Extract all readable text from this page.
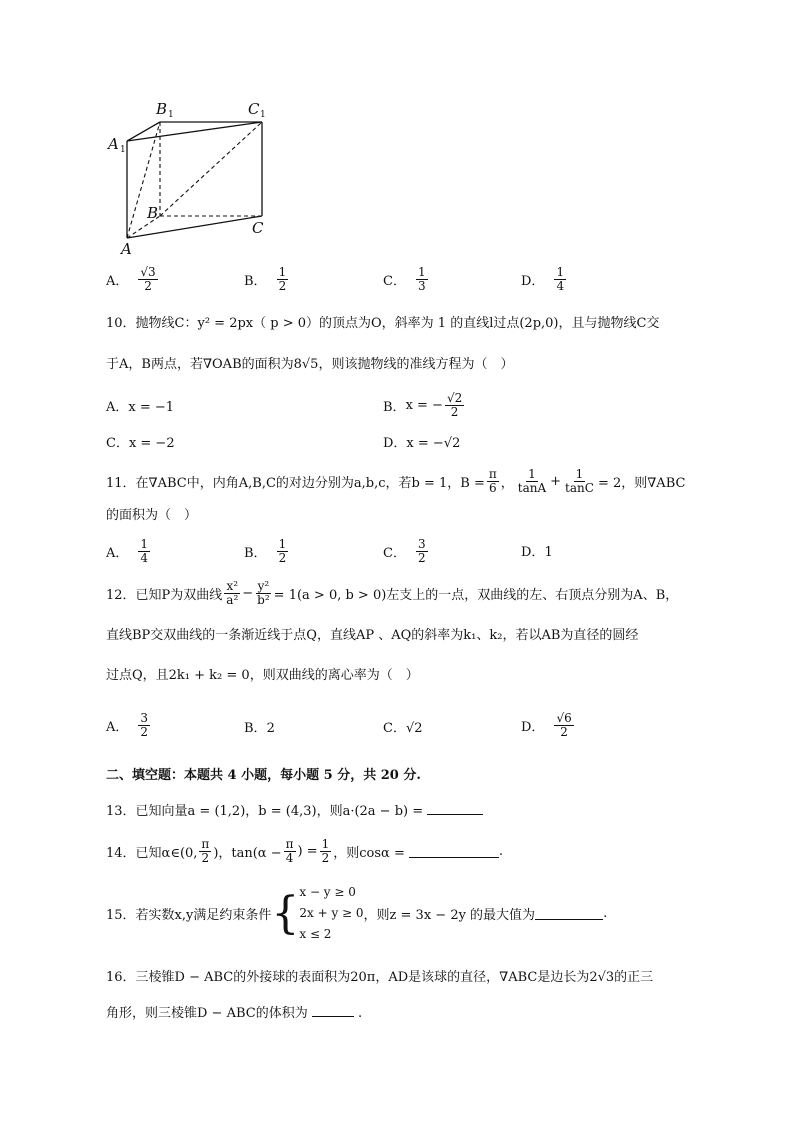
B 1	C 1
A 1
B
C
A
A． $\frac{√3}{2}$	B． $\frac{1}{2}$	C． $\frac{1}{3}$	D． $\frac{1}{4}$
10．抛物线C：y² = 2px（ p > 0）的顶点为O，斜率为 1 的直线l过点(2p,0)，且与抛物线C交
于A，B两点，若∇OAB的面积为8√5，则该抛物线的准线方程为（　）
A．x = −1	B． x = − $\frac{√2}{2}$
C．x = −2	D．x = −√2
11．在∇ABC中，内角A,B,C的对边分别为a,b,c，若b = 1，$B = \frac{\pi}{6}$ ， $\frac{1}{\tan A} + \frac{1}{\tan C} = 2$，则∇ABC
的面积为（　）
A． $\frac{1}{4}$	B． $\frac{1}{2}$	C． $\frac{3}{2}$	D．1
12．已知P为双曲线 $\frac{\text{x²}}{\text{a²}} - \frac{\text{y²}}{\text{b²}} = 1(a > 0$, b > 0)左支上的一点，双曲线的左、右顶点分别为A、B，
直线BP交双曲线的一条渐近线于点Q，直线AP 、AQ的斜率为k₁、k₂，若以AB为直径的圆经
过点Q，且2k₁ + k₂ = 0，则双曲线的离心率为（　）
A． $\frac{3}{2}$	B．2	C．√2	D． $\frac{√6}{2}$
二、填空题：本题共 4 小题，每小题 5 分，共 20 分.
13．已知向量a = (1,2)，b = (4,3)，则a·(2a − b) =
14．已知α∈(0, $\frac{\pi}{2}$ )，$\tan(\alpha - \frac{\pi}{4}$ ) = $\frac{1}{2}$ ，则cosα =	.
15．若实数x,y满足约束条件 { x − y ≥ 0
2x + y ≥ 0
x ≤ 2
，则z = 3x − 2y 的最大值为	.
16．三棱锥D − ABC的外接球的表面积为20π，AD是该球的直径，∇ABC是边长为2√3的正三
角形，则三棱锥D − ABC的体积为	.
